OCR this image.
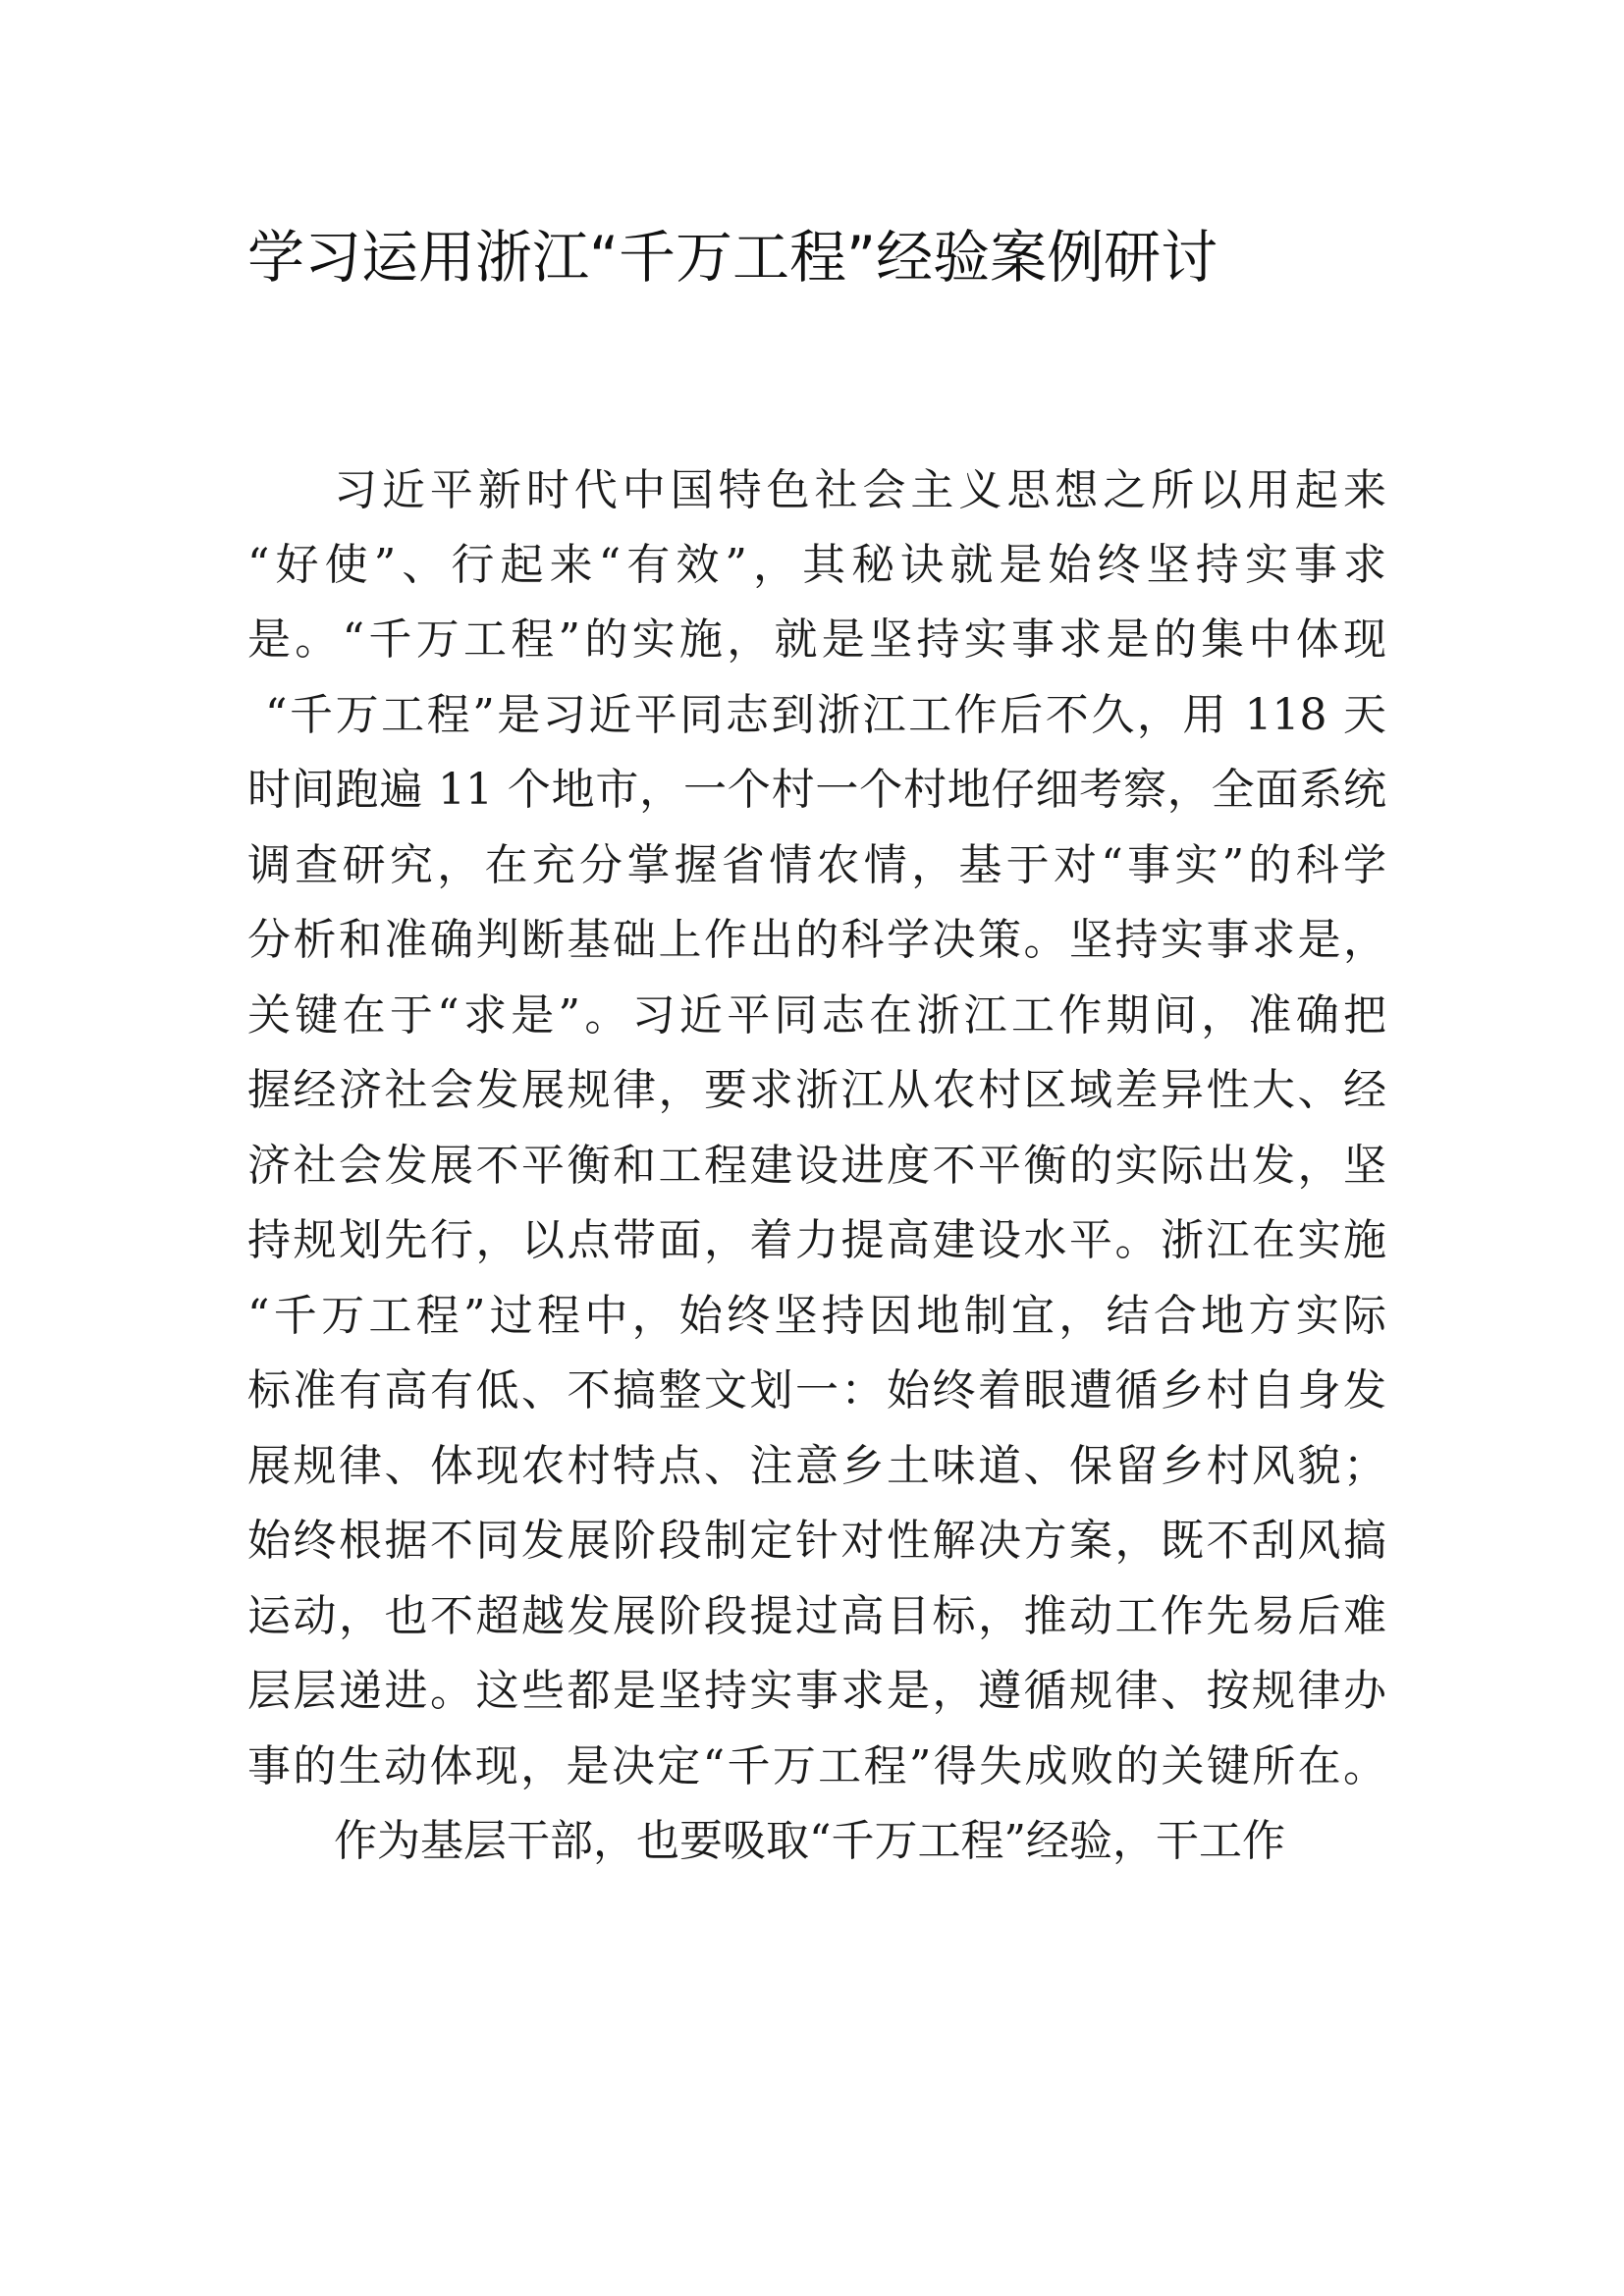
学习运用浙江“千万工程”经验案例研讨

习近平新时代中国特色社会主义思想之所以用起来

“好使”、行起来“有效”，其秘诀就是始终坚持实事求

是。“千万工程”的实施，就是坚持实事求是的集中体现

“千万工程”是习近平同志到浙江工作后不久，用 118 天

时间跑遍 11 个地市，一个村一个村地仔细考察，全面系统

调查研究，在充分掌握省情农情，基于对“事实”的科学

分析和准确判断基础上作出的科学决策。坚持实事求是，

关键在于“求是”。习近平同志在浙江工作期间，准确把

握经济社会发展规律，要求浙江从农村区域差异性大、经

济社会发展不平衡和工程建设进度不平衡的实际出发，坚

持规划先行，以点带面，着力提高建设水平。浙江在实施

“千万工程”过程中，始终坚持因地制宜，结合地方实际

标准有高有低、不搞整文划一：始终着眼遭循乡村自身发

展规律、体现农村特点、注意乡土味道、保留乡村风貌；

始终根据不同发展阶段制定针对性解决方案，既不刮风搞

运动，也不超越发展阶段提过高目标，推动工作先易后难

层层递进。这些都是坚持实事求是，遵循规律、按规律办

事的生动体现，是决定“千万工程”得失成败的关键所在。

作为基层干部，也要吸取“千万工程”经验，干工作
